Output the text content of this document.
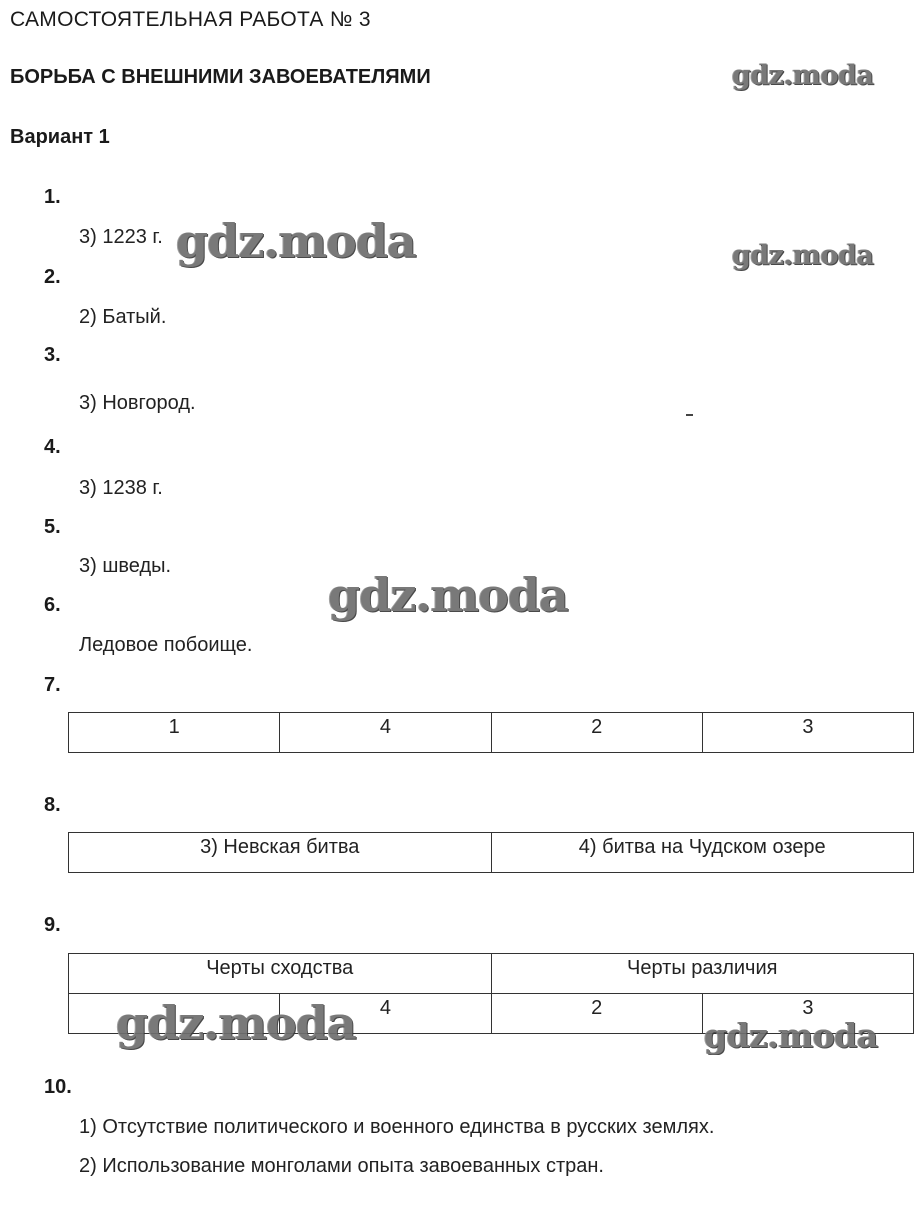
САМОСТОЯТЕЛЬНАЯ РАБОТА № 3
БОРЬБА С ВНЕШНИМИ ЗАВОЕВАТЕЛЯМИ
Вариант 1
1.
3) 1223 г.
2.
2) Батый.
3.
3) Новгород.
4.
3) 1238 г.
5.
3) шведы.
6.
Ледовое побоище.
7.
1	4	2	3
8.
3) Невская битва	4) битва на Чудском озере
9.
Черты сходства		Черты различия	
	4	2	3
10.
1) Отсутствие политического и военного единства в русских землях.
2) Использование монголами опыта завоеванных стран.
gdz.moda
gdz.moda	gdz.moda
gdz.moda
gdz.moda	gdz.moda
